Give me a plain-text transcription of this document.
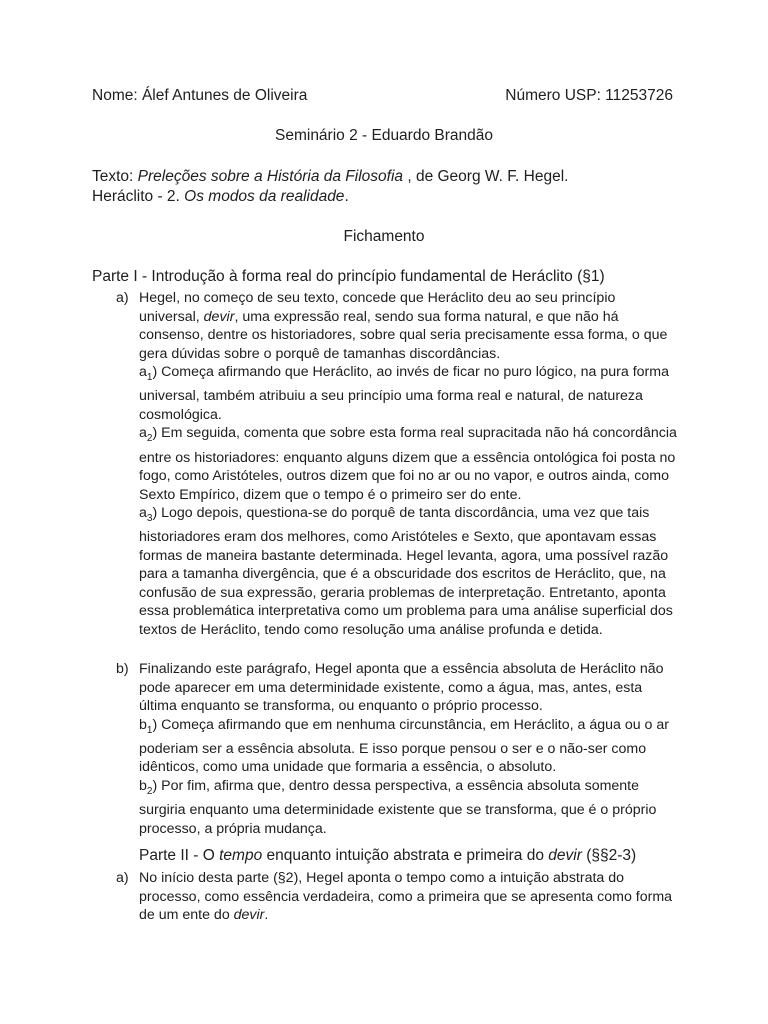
Nome: Álef Antunes de Oliveira	Número USP: 11253726
Seminário 2 - Eduardo Brandão
Texto: Preleções sobre a História da Filosofia , de Georg W. F. Hegel.
Heráclito - 2. Os modos da realidade.
Fichamento
Parte I - Introdução à forma real do princípio fundamental de Heráclito (§1)
a) Hegel, no começo de seu texto, concede que Heráclito deu ao seu princípio universal, devir, uma expressão real, sendo sua forma natural, e que não há consenso, dentre os historiadores, sobre qual seria precisamente essa forma, o que gera dúvidas sobre o porquê de tamanhas discordâncias.

$a_1$) Começa afirmando que Heráclito, ao invés de ficar no puro lógico, na pura forma universal, também atribuiu a seu princípio uma forma real e natural, de natureza cosmológica.

$a_2$) Em seguida, comenta que sobre esta forma real supracitada não há concordância entre os historiadores: enquanto alguns dizem que a essência ontológica foi posta no fogo, como Aristóteles, outros dizem que foi no ar ou no vapor, e outros ainda, como Sexto Empírico, dizem que o tempo é o primeiro ser do ente.

$a_3$) Logo depois, questiona-se do porquê de tanta discordância, uma vez que tais historiadores eram dos melhores, como Aristóteles e Sexto, que apontavam essas formas de maneira bastante determinada. Hegel levanta, agora, uma possível razão para a tamanha divergência, que é a obscuridade dos escritos de Heráclito, que, na confusão de sua expressão, geraria problemas de interpretação. Entretanto, aponta essa problemática interpretativa como um problema para uma análise superficial dos textos de Heráclito, tendo como resolução uma análise profunda e detida.

b) Finalizando este parágrafo, Hegel aponta que a essência absoluta de Heráclito não pode aparecer em uma determinidade existente, como a água, mas, antes, esta última enquanto se transforma, ou enquanto o próprio processo.

$b_1$) Começa afirmando que em nenhuma circunstância, em Heráclito, a água ou o ar poderiam ser a essência absoluta. E isso porque pensou o ser e o não-ser como idênticos, como uma unidade que formaria a essência, o absoluto.

$b_2$) Por fim, afirma que, dentro dessa perspectiva, a essência absoluta somente surgiria enquanto uma determinidade existente que se transforma, que é o próprio processo, a própria mudança.

Parte II - O tempo enquanto intuição abstrata e primeira do devir (§§2-3)
a) No início desta parte (§2), Hegel aponta o tempo como a intuição abstrata do processo, como essência verdadeira, como a primeira que se apresenta como forma de um ente do devir.
